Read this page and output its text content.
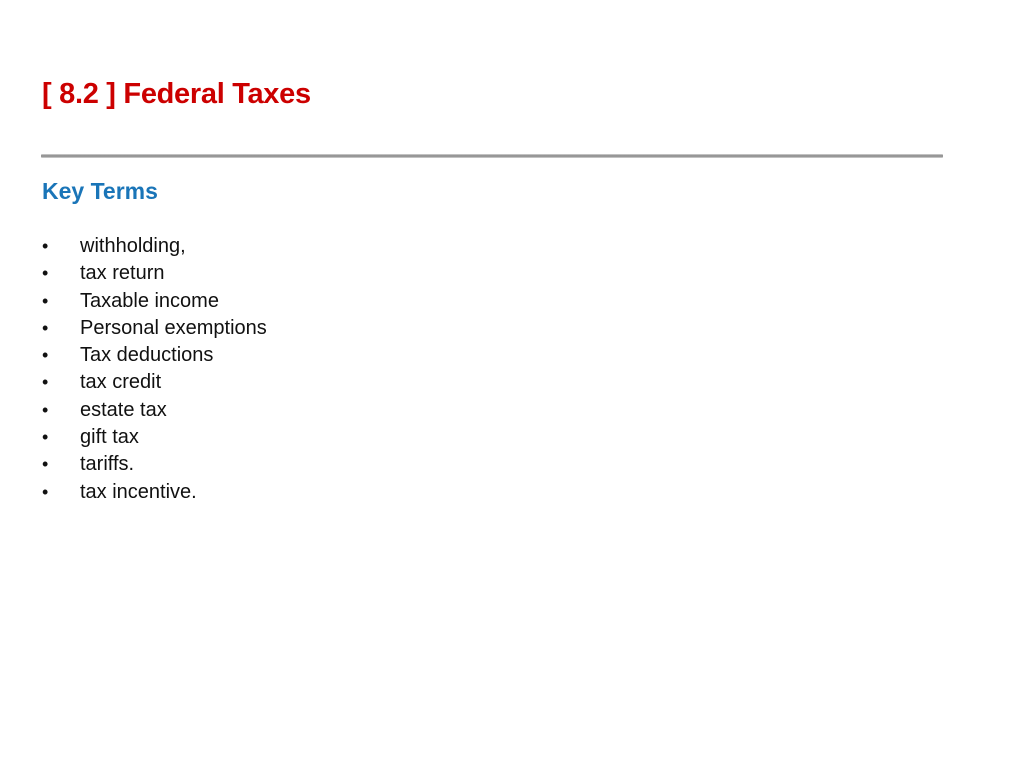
[ 8.2 ] Federal Taxes
Key Terms
• withholding,
• tax return
• Taxable income
• Personal exemptions
• Tax deductions
• tax credit
• estate tax
• gift tax
• tariffs.
• tax incentive.
